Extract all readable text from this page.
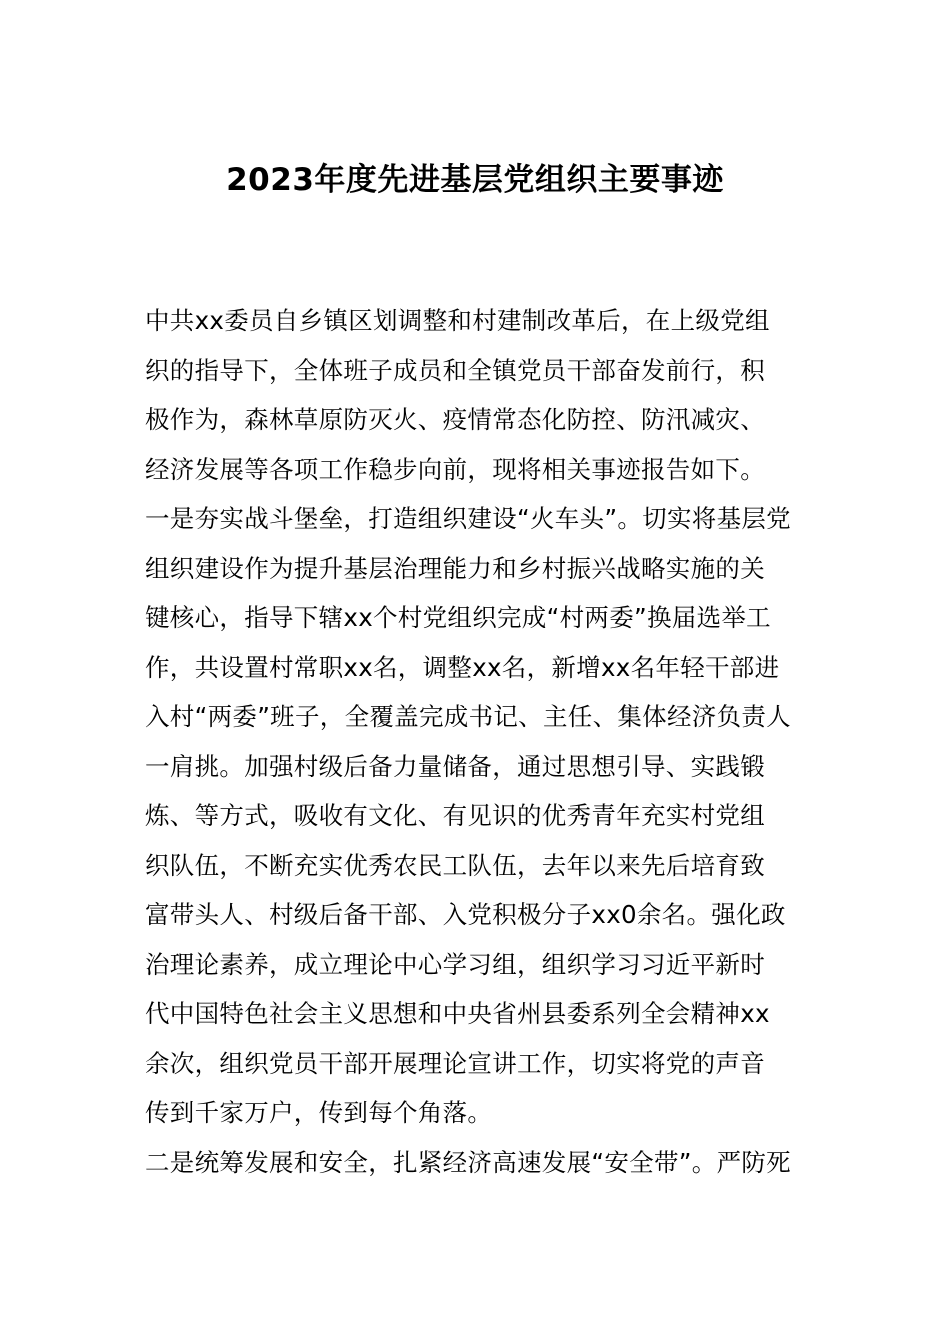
2023年度先进基层党组织主要事迹
中共xx委员自乡镇区划调整和村建制改革后，在上级党组
织的指导下，全体班子成员和全镇党员干部奋发前行，积
极作为，森林草原防灭火、疫情常态化防控、防汛减灾、
经济发展等各项工作稳步向前，现将相关事迹报告如下。
一是夯实战斗堡垒，打造组织建设“火车头”。切实将基层党
组织建设作为提升基层治理能力和乡村振兴战略实施的关
键核心，指导下辖xx个村党组织完成“村两委”换届选举工
作，共设置村常职xx名，调整xx名，新增xx名年轻干部进
入村“两委”班子，全覆盖完成书记、主任、集体经济负责人
一肩挑。加强村级后备力量储备，通过思想引导、实践锻
炼、等方式，吸收有文化、有见识的优秀青年充实村党组
织队伍，不断充实优秀农民工队伍，去年以来先后培育致
富带头人、村级后备干部、入党积极分子xx0余名。强化政
治理论素养，成立理论中心学习组，组织学习习近平新时
代中国特色社会主义思想和中央省州县委系列全会精神xx
余次，组织党员干部开展理论宣讲工作，切实将党的声音
传到千家万户，传到每个角落。
二是统筹发展和安全，扎紧经济高速发展“安全带”。严防死
